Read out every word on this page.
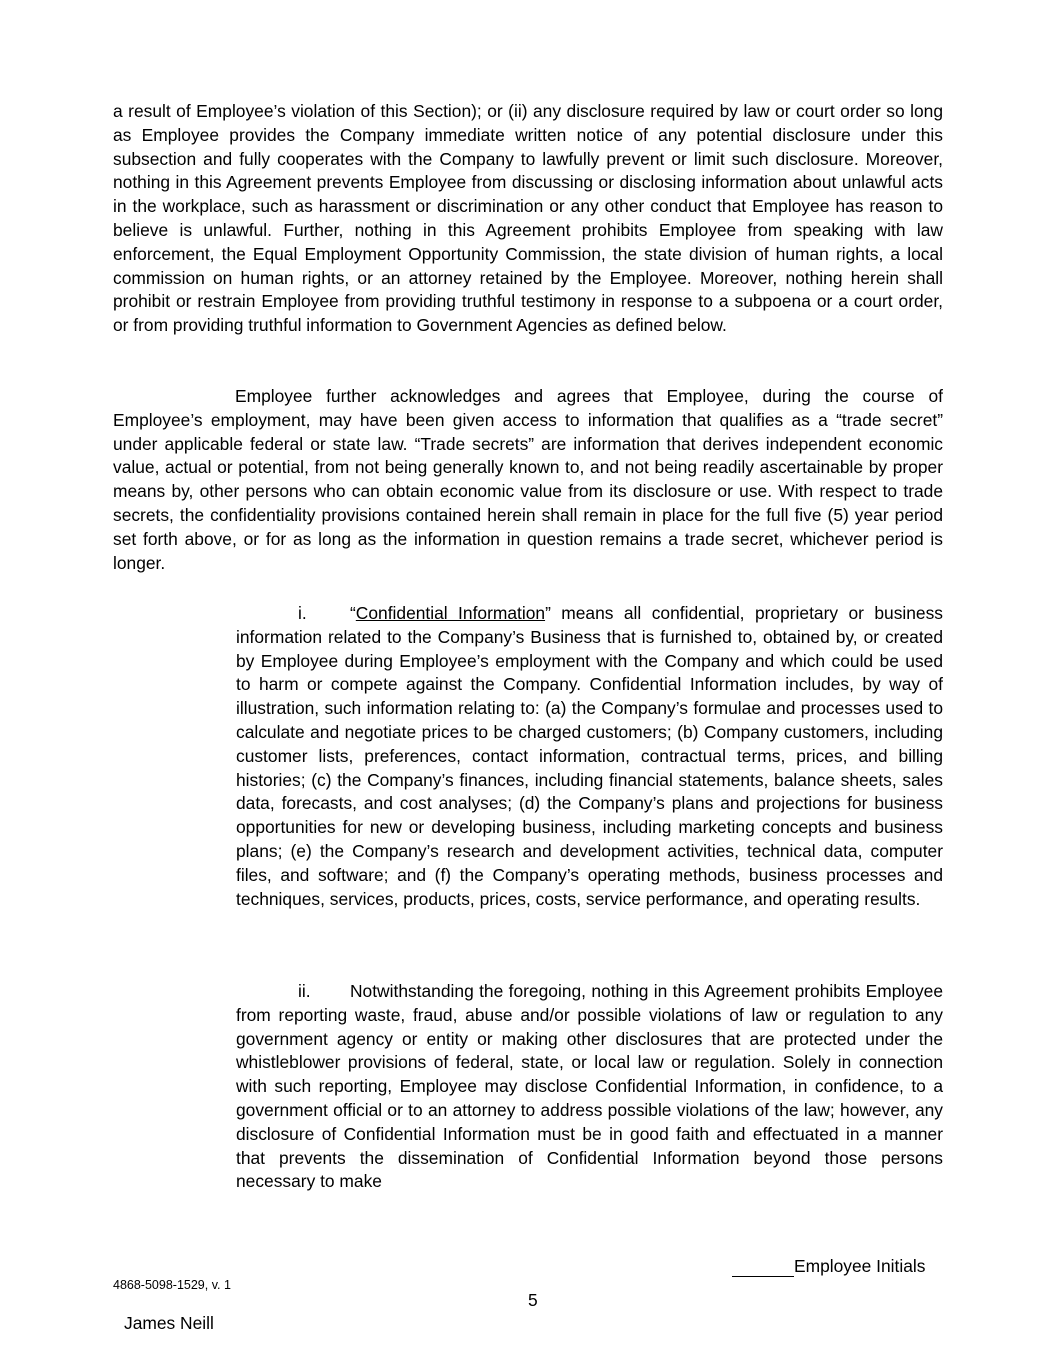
a result of Employee’s violation of this Section); or (ii) any disclosure required by law or court order so long as Employee provides the Company immediate written notice of any potential disclosure under this subsection and fully cooperates with the Company to lawfully prevent or limit such disclosure. Moreover, nothing in this Agreement prevents Employee from discussing or disclosing information about unlawful acts in the workplace, such as harassment or discrimination or any other conduct that Employee has reason to believe is unlawful. Further, nothing in this Agreement prohibits Employee from speaking with law enforcement, the Equal Employment Opportunity Commission, the state division of human rights, a local commission on human rights, or an attorney retained by the Employee. Moreover, nothing herein shall prohibit or restrain Employee from providing truthful testimony in response to a subpoena or a court order, or from providing truthful information to Government Agencies as defined below.

Employee further acknowledges and agrees that Employee, during the course of Employee’s employment, may have been given access to information that qualifies as a “trade secret” under applicable federal or state law. “Trade secrets” are information that derives independent economic value, actual or potential, from not being generally known to, and not being readily ascertainable by proper means by, other persons who can obtain economic value from its disclosure or use. With respect to trade secrets, the confidentiality provisions contained herein shall remain in place for the full five (5) year period set forth above, or for as long as the information in question remains a trade secret, whichever period is longer.

i. “Confidential Information” means all confidential, proprietary or business information related to the Company’s Business that is furnished to, obtained by, or created by Employee during Employee’s employment with the Company and which could be used to harm or compete against the Company. Confidential Information includes, by way of illustration, such information relating to: (a) the Company’s formulae and processes used to calculate and negotiate prices to be charged customers; (b) Company customers, including customer lists, preferences, contact information, contractual terms, prices, and billing histories; (c) the Company’s finances, including financial statements, balance sheets, sales data, forecasts, and cost analyses; (d) the Company’s plans and projections for business opportunities for new or developing business, including marketing concepts and business plans; (e) the Company’s research and development activities, technical data, computer files, and software; and (f) the Company’s operating methods, business processes and techniques, services, products, prices, costs, service performance, and operating results.

ii. Notwithstanding the foregoing, nothing in this Agreement prohibits Employee from reporting waste, fraud, abuse and/or possible violations of law or regulation to any government agency or entity or making other disclosures that are protected under the whistleblower provisions of federal, state, or local law or regulation. Solely in connection with such reporting, Employee may disclose Confidential Information, in confidence, to a government official or to an attorney to address possible violations of the law; however, any disclosure of Confidential Information must be in good faith and effectuated in a manner that prevents the dissemination of Confidential Information beyond those persons necessary to make

Employee Initials
4868-5098-1529, v. 1
5
James Neill
